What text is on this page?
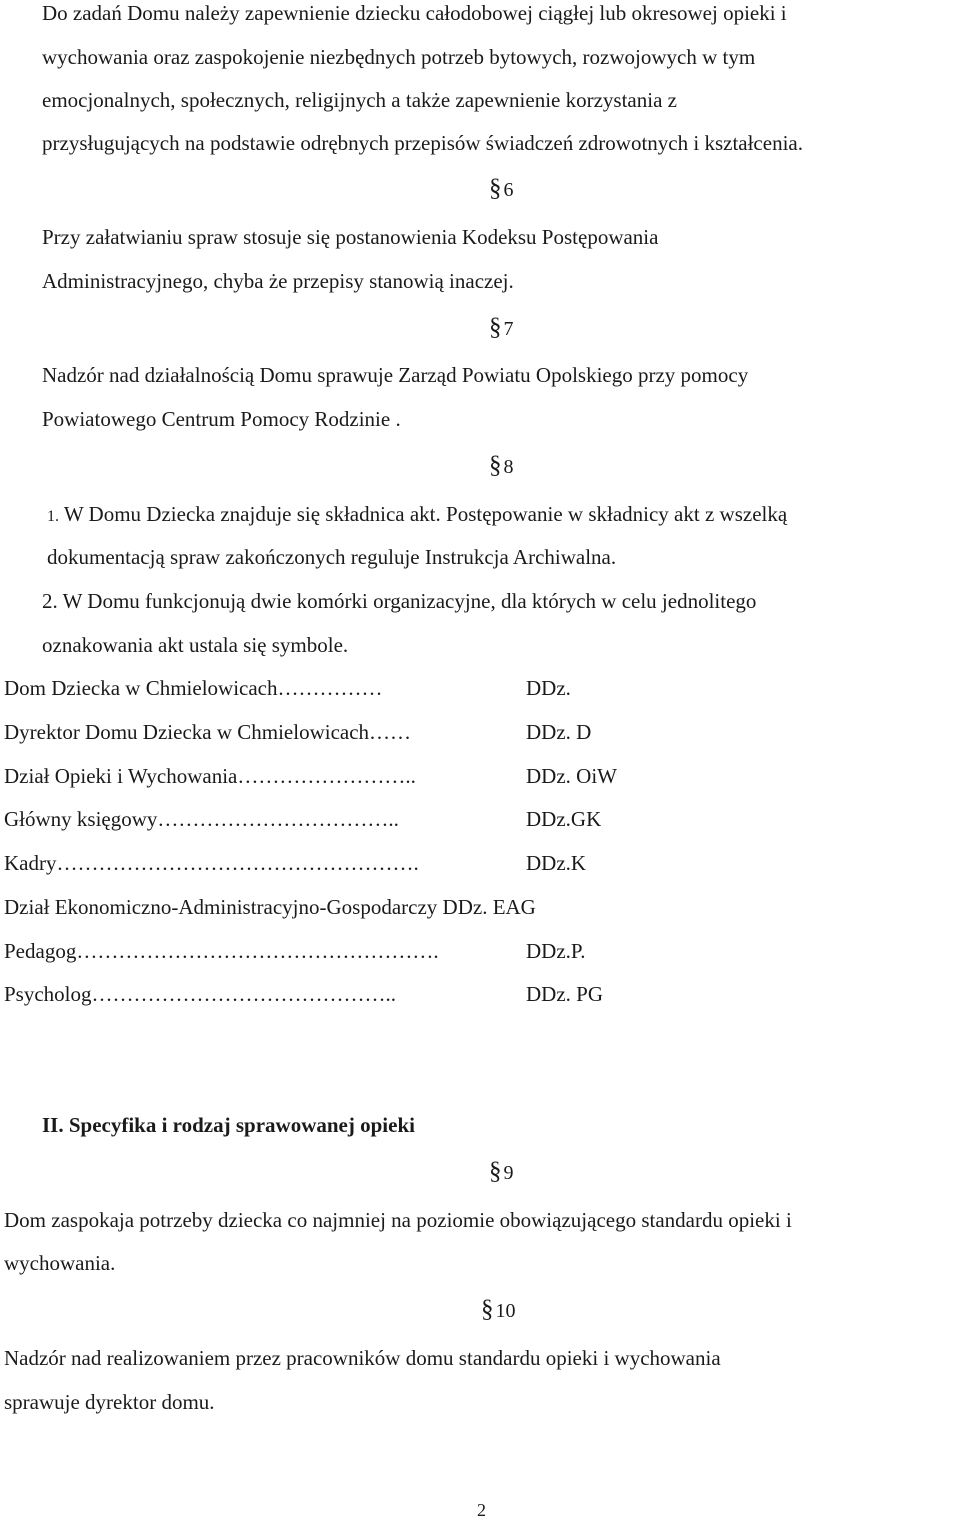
Do zadań Domu należy zapewnienie dziecku całodobowej ciągłej lub okresowej opieki i
wychowania oraz zaspokojenie niezbędnych potrzeb bytowych, rozwojowych w tym
emocjonalnych, społecznych, religijnych a także zapewnienie korzystania z
przysługujących na podstawie odrębnych przepisów świadczeń zdrowotnych i kształcenia.
§ 6
Przy załatwianiu spraw stosuje się postanowienia Kodeksu Postępowania
Administracyjnego, chyba że przepisy stanowią inaczej.
§ 7
Nadzór nad działalnością Domu sprawuje Zarząd Powiatu Opolskiego przy pomocy
Powiatowego Centrum Pomocy Rodzinie .
§ 8
1. W Domu Dziecka znajduje się składnica akt. Postępowanie w składnicy akt z wszelką
dokumentacją spraw zakończonych reguluje Instrukcja Archiwalna.
2. W Domu funkcjonują dwie komórki organizacyjne, dla których w celu jednolitego
oznakowania akt ustala się symbole.
Dom Dziecka w Chmielowicach……………	DDz.
Dyrektor Domu Dziecka w Chmielowicach……	DDz. D
Dział Opieki i Wychowania……………………..	DDz. OiW
Główny księgowy……………………………..	DDz.GK
Kadry…………………………………………….	DDz.K
Dział Ekonomiczno-Administracyjno-Gospodarczy DDz. EAG
Pedagog…………………………………………….	DDz.P.
Psycholog……………………………………..	DDz. PG
II. Specyfika i rodzaj sprawowanej opieki
§ 9
Dom zaspokaja potrzeby dziecka co najmniej na poziomie obowiązującego standardu opieki i
wychowania.
§ 10
Nadzór nad realizowaniem przez pracowników domu standardu opieki i wychowania
sprawuje dyrektor domu.
2
